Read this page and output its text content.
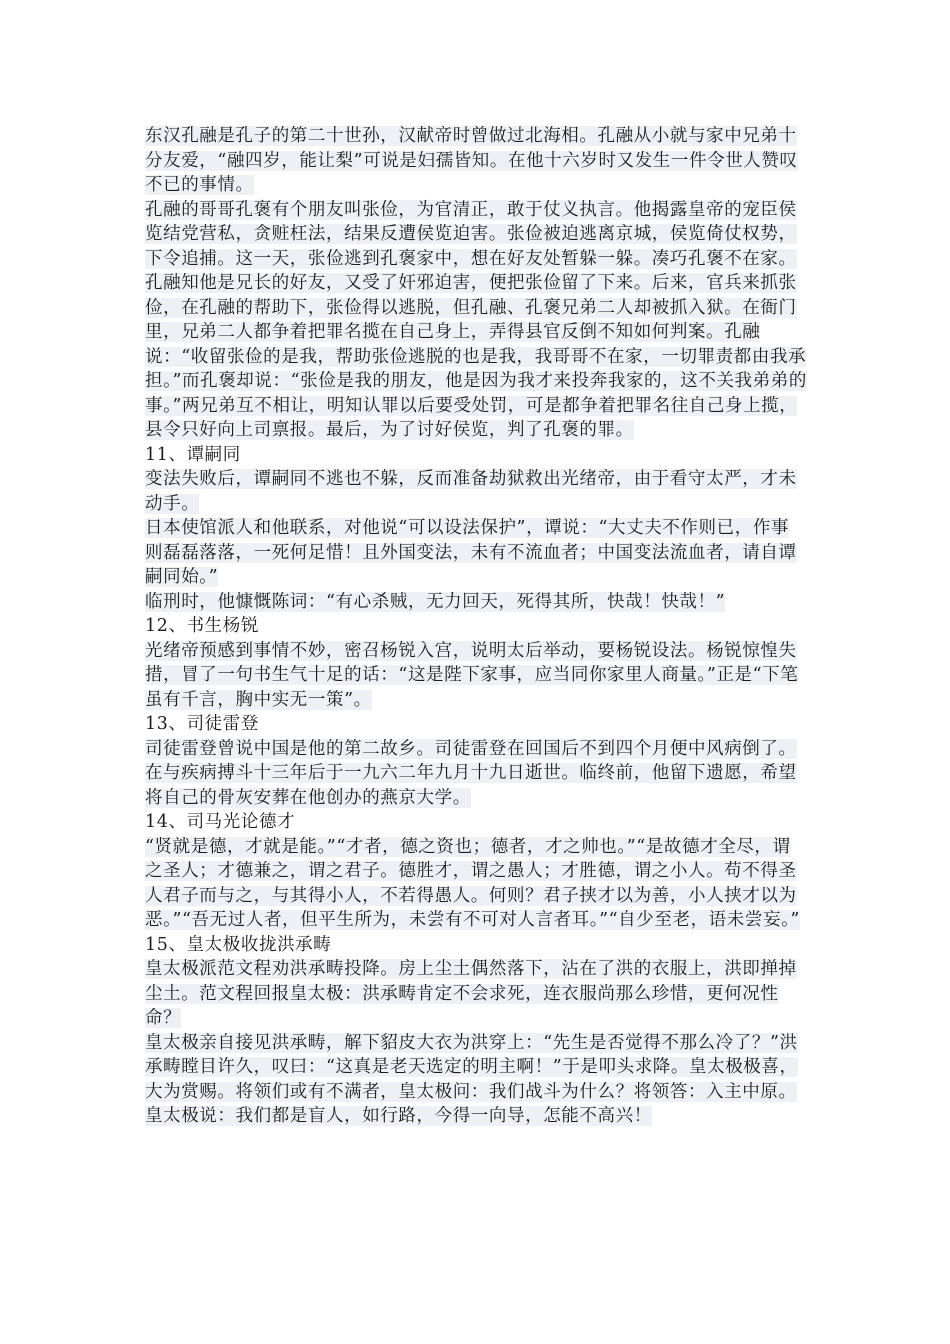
东汉孔融是孔子的第二十世孙，汉献帝时曾做过北海相。孔融从小就与家中兄弟十分友爱，“融四岁，能让梨”可说是妇孺皆知。在他十六岁时又发生一件令世人赞叹不已的事情。

孔融的哥哥孔褒有个朋友叫张俭，为官清正，敢于仗义执言。他揭露皇帝的宠臣侯览结党营私，贪赃枉法，结果反遭侯览迫害。张俭被迫逃离京城，侯览倚仗权势，下令追捕。这一天，张俭逃到孔褒家中，想在好友处暂躲一躲。凑巧孔褒不在家。孔融知他是兄长的好友，又受了奸邪迫害，便把张俭留了下来。后来，官兵来抓张俭，在孔融的帮助下，张俭得以逃脱，但孔融、孔褒兄弟二人却被抓入狱。在衙门里，兄弟二人都争着把罪名揽在自己身上，弄得县官反倒不知如何判案。孔融说：“收留张俭的是我，帮助张俭逃脱的也是我，我哥哥不在家，一切罪责都由我承担。”而孔褒却说：“张俭是我的朋友，他是因为我才来投奔我家的，这不关我弟弟的事。”两兄弟互不相让，明知认罪以后要受处罚，可是都争着把罪名往自己身上揽，县令只好向上司禀报。最后，为了讨好侯览，判了孔褒的罪。

11、谭嗣同

变法失败后，谭嗣同不逃也不躲，反而准备劫狱救出光绪帝，由于看守太严，才未动手。

日本使馆派人和他联系，对他说“可以设法保护”，谭说：“大丈夫不作则已，作事则磊磊落落，一死何足惜！且外国变法，未有不流血者；中国变法流血者，请自谭嗣同始。”

临刑时，他慷慨陈词：“有心杀贼，无力回天，死得其所，快哉！快哉！”

12、书生杨锐

光绪帝预感到事情不妙，密召杨锐入宫，说明太后举动，要杨锐设法。杨锐惊惶失措，冒了一句书生气十足的话：“这是陛下家事，应当同你家里人商量。”正是“下笔虽有千言，胸中实无一策”。

13、司徒雷登

司徒雷登曾说中国是他的第二故乡。司徒雷登在回国后不到四个月便中风病倒了。在与疾病搏斗十三年后于一九六二年九月十九日逝世。临终前，他留下遗愿，希望将自己的骨灰安葬在他创办的燕京大学。

14、司马光论德才

“贤就是德，才就是能。”“才者，德之资也；德者，才之帅也。”“是故德才全尽，谓之圣人；才德兼之，谓之君子。德胜才，谓之愚人；才胜德，谓之小人。苟不得圣人君子而与之，与其得小人，不若得愚人。何则？君子挟才以为善，小人挟才以为恶。”“吾无过人者，但平生所为，未尝有不可对人言者耳。”“自少至老，语未尝妄。”

15、皇太极收拢洪承畴

皇太极派范文程劝洪承畴投降。房上尘土偶然落下，沾在了洪的衣服上，洪即掸掉尘土。范文程回报皇太极：洪承畴肯定不会求死，连衣服尚那么珍惜，更何况性命？

皇太极亲自接见洪承畴，解下貂皮大衣为洪穿上：“先生是否觉得不那么冷了？”洪承畴瞠目许久，叹曰：“这真是老天选定的明主啊！”于是叩头求降。皇太极极喜，大为赏赐。将领们或有不满者，皇太极问：我们战斗为什么？将领答：入主中原。皇太极说：我们都是盲人，如行路，今得一向导，怎能不高兴！
